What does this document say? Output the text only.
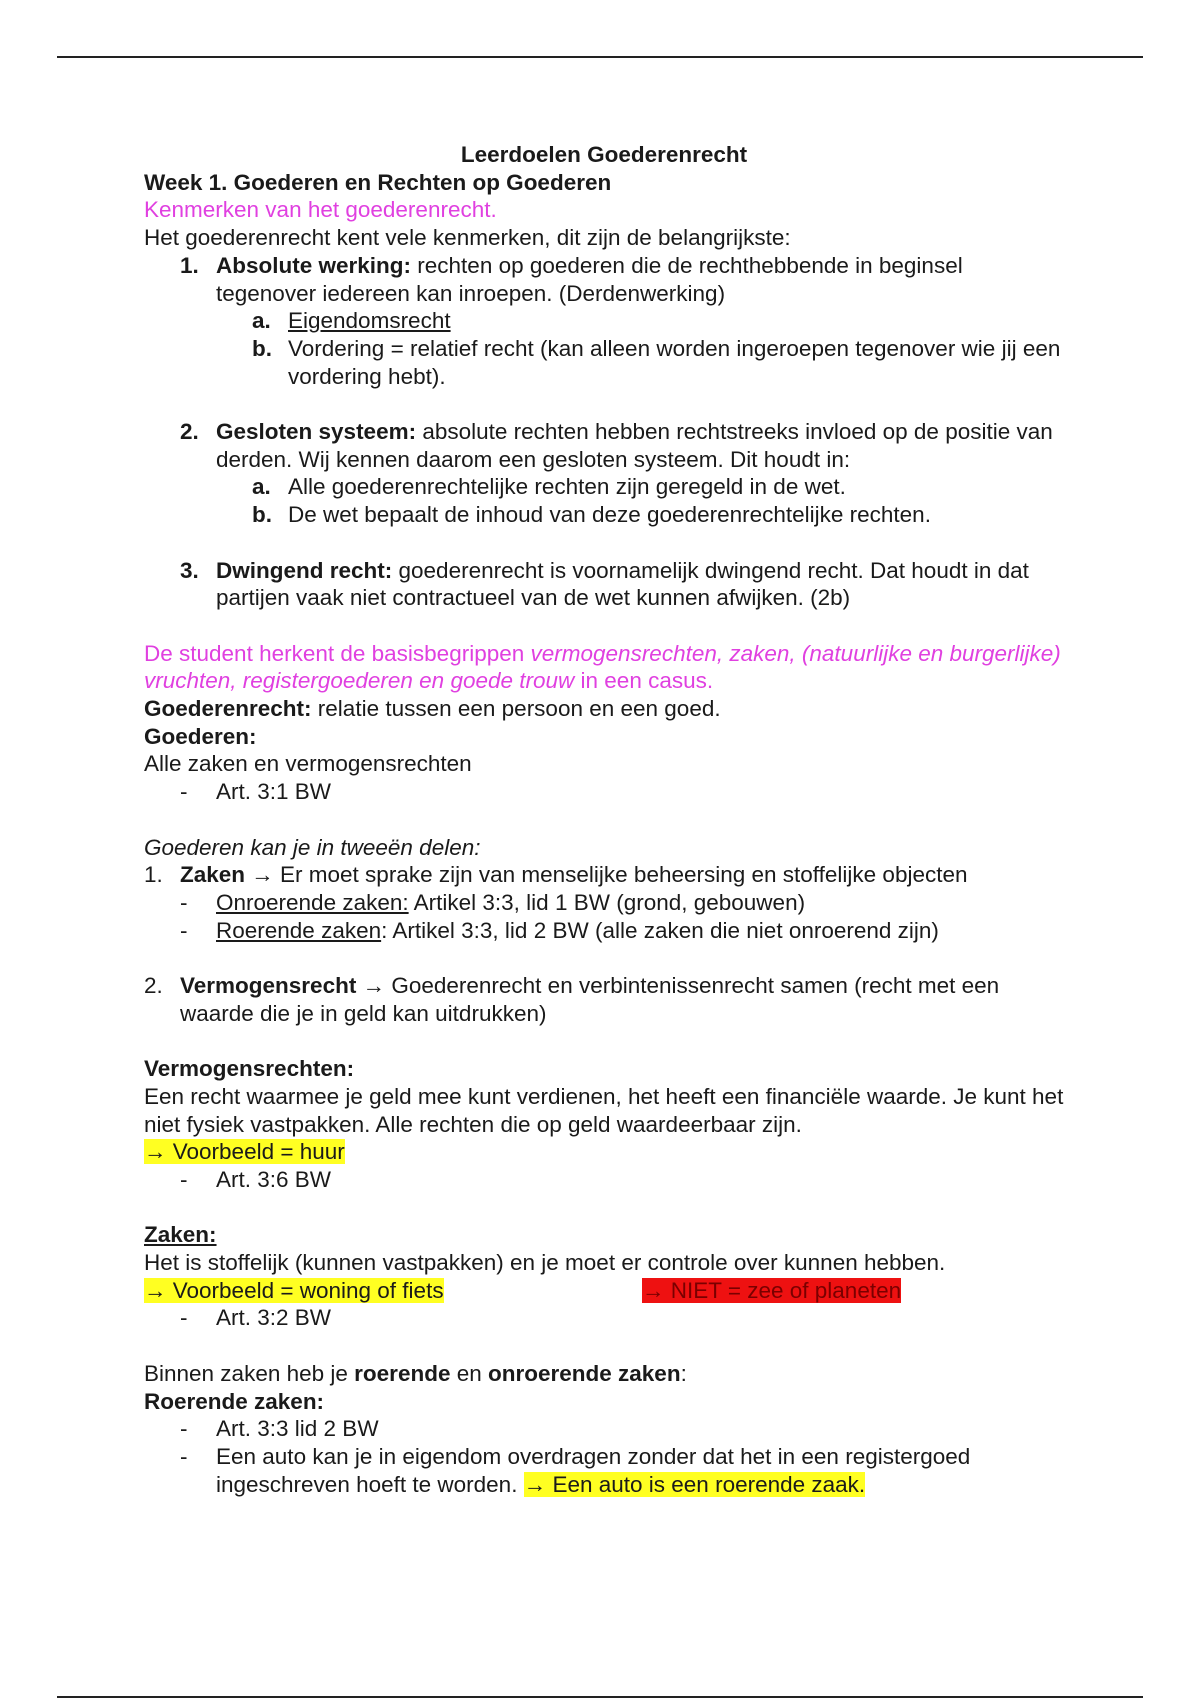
Leerdoelen Goederenrecht
Week 1. Goederen en Rechten op Goederen
Kenmerken van het goederenrecht.
Het goederenrecht kent vele kenmerken, dit zijn de belangrijkste:
1. Absolute werking: rechten op goederen die de rechthebbende in beginsel tegenover iedereen kan inroepen. (Derdenwerking)
a. Eigendomsrecht
b. Vordering = relatief recht (kan alleen worden ingeroepen tegenover wie jij een vordering hebt).
2. Gesloten systeem: absolute rechten hebben rechtstreeks invloed op de positie van derden. Wij kennen daarom een gesloten systeem. Dit houdt in:
a. Alle goederenrechtelijke rechten zijn geregeld in de wet.
b. De wet bepaalt de inhoud van deze goederenrechtelijke rechten.
3. Dwingend recht: goederenrecht is voornamelijk dwingend recht. Dat houdt in dat partijen vaak niet contractueel van de wet kunnen afwijken. (2b)
De student herkent de basisbegrippen vermogensrechten, zaken, (natuurlijke en burgerlijke) vruchten, registergoederen en goede trouw in een casus.
Goederenrecht: relatie tussen een persoon en een goed.
Goederen:
Alle zaken en vermogensrechten
-	Art. 3:1 BW
Goederen kan je in tweeën delen:
1. Zaken → Er moet sprake zijn van menselijke beheersing en stoffelijke objecten
-	Onroerende zaken: Artikel 3:3, lid 1 BW (grond, gebouwen)
-	Roerende zaken: Artikel 3:3, lid 2 BW (alle zaken die niet onroerend zijn)
2. Vermogensrecht → Goederenrecht en verbintenissenrecht samen (recht met een waarde die je in geld kan uitdrukken)
Vermogensrechten:
Een recht waarmee je geld mee kunt verdienen, het heeft een financiële waarde. Je kunt het niet fysiek vastpakken. Alle rechten die op geld waardeerbaar zijn.
→ Voorbeeld = huur
-	Art. 3:6 BW
Zaken:
Het is stoffelijk (kunnen vastpakken) en je moet er controle over kunnen hebben.
→ Voorbeeld = woning of fiets	→ NIET = zee of planeten
-	Art. 3:2 BW
Binnen zaken heb je roerende en onroerende zaken:
Roerende zaken:
-	Art. 3:3 lid 2 BW
-	Een auto kan je in eigendom overdragen zonder dat het in een registergoed ingeschreven hoeft te worden. → Een auto is een roerende zaak.
